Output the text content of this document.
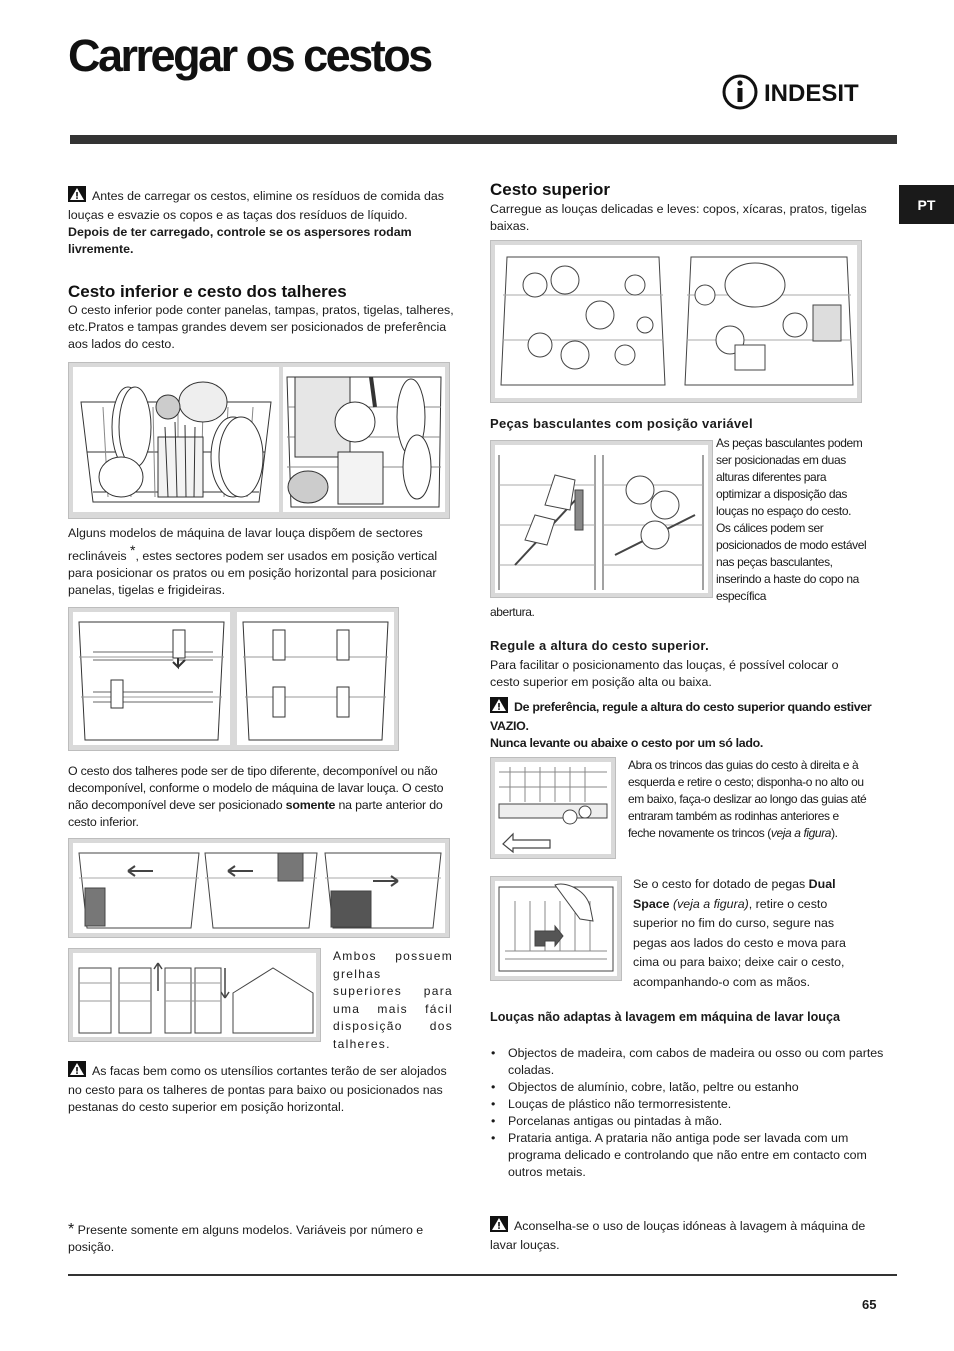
Carregar os cestos
INDESIT
PT

Antes de carregar os cestos, elimine os resíduos de comida das louças e esvazie os copos e as taças dos resíduos de líquido.

Depois de ter carregado, controle se os aspersores rodam livremente.

Cesto inferior e cesto dos talheres

O cesto inferior pode conter panelas, tampas, pratos, tigelas, talheres, etc.Pratos e tampas grandes devem ser posicionados de preferência aos lados do cesto.

Alguns modelos de máquina de lavar louça dispõem de sectores reclináveis *, estes sectores podem ser usados em posição vertical para posicionar os pratos ou em posição horizontal para posicionar panelas, tigelas e frigideiras.

O cesto dos talheres pode ser de tipo diferente, decomponível ou não decomponível, conforme o modelo de máquina de lavar louça. O cesto não decomponível deve ser posicionado somente na parte anterior do cesto inferior.

Ambos possuem grelhas superiores para uma mais fácil disposição dos talheres.

As facas bem como os utensílios cortantes terão de ser alojados no cesto para os talheres de pontas para baixo ou posicionados nas pestanas do cesto superior em posição horizontal.

* Presente somente em alguns modelos. Variáveis por número e posição.

Cesto superior

Carregue as louças delicadas e leves: copos, xícaras, pratos, tigelas baixas.

Peças basculantes com posição variável

As peças basculantes podem ser posicionadas em duas alturas diferentes para optimizar a disposição das louças no espaço do cesto. Os cálices podem ser posicionados de modo estável nas peças basculantes, inserindo a haste do copo na específica

abertura.

Regule a altura do cesto superior.

Para facilitar o posicionamento das louças, é possível colocar o cesto superior em posição alta ou baixa.

De preferência, regule a altura do cesto superior quando estiver VAZIO.

Nunca levante ou abaixe o cesto por um só lado.

Abra os trincos das guias do cesto à direita e à esquerda e retire o cesto; disponha-o no alto ou em baixo, faça-o deslizar ao longo das guias até entraram também as rodinhas anteriores e feche novamente os trincos (veja a figura).

Se o cesto for dotado de pegas Dual Space (veja a figura), retire o cesto superior no fim do curso, segure nas pegas aos lados do cesto e mova para cima ou para baixo; deixe cair o cesto, acompanhando-o com as mãos.

Louças não adaptas à lavagem em máquina de lavar louça

• Objectos de madeira, com cabos de madeira ou osso ou com partes coladas.
• Objectos de alumínio, cobre, latão, peltre ou estanho
• Louças de plástico não termorresistente.
• Porcelanas antigas ou pintadas à mão.
• Prataria antiga. A prataria não antiga pode ser lavada com um programa delicado e controlando que não entre em contacto com outros metais.

Aconselha-se o uso de louças idóneas à lavagem à máquina de lavar louças.

65
